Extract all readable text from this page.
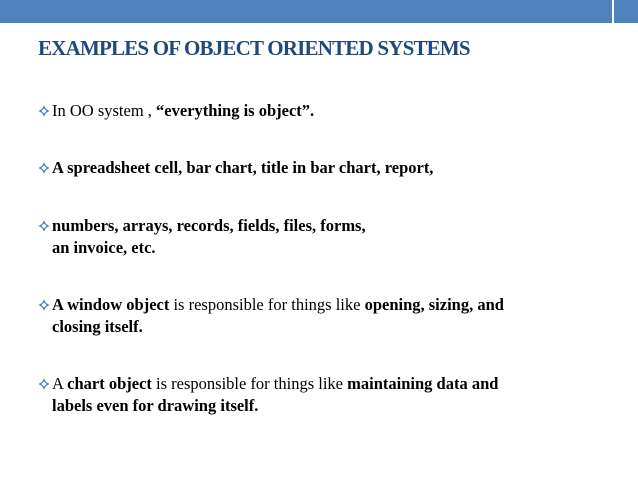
EXAMPLES OF OBJECT ORIENTED SYSTEMS
In OO system , “everything is object”.
A spreadsheet cell, bar chart, title in bar chart, report,
numbers, arrays, records, fields, files, forms,
an invoice, etc.
A window object is responsible for things like opening, sizing, and
closing itself.
A chart object is responsible for things like maintaining data and
labels even for drawing itself.
